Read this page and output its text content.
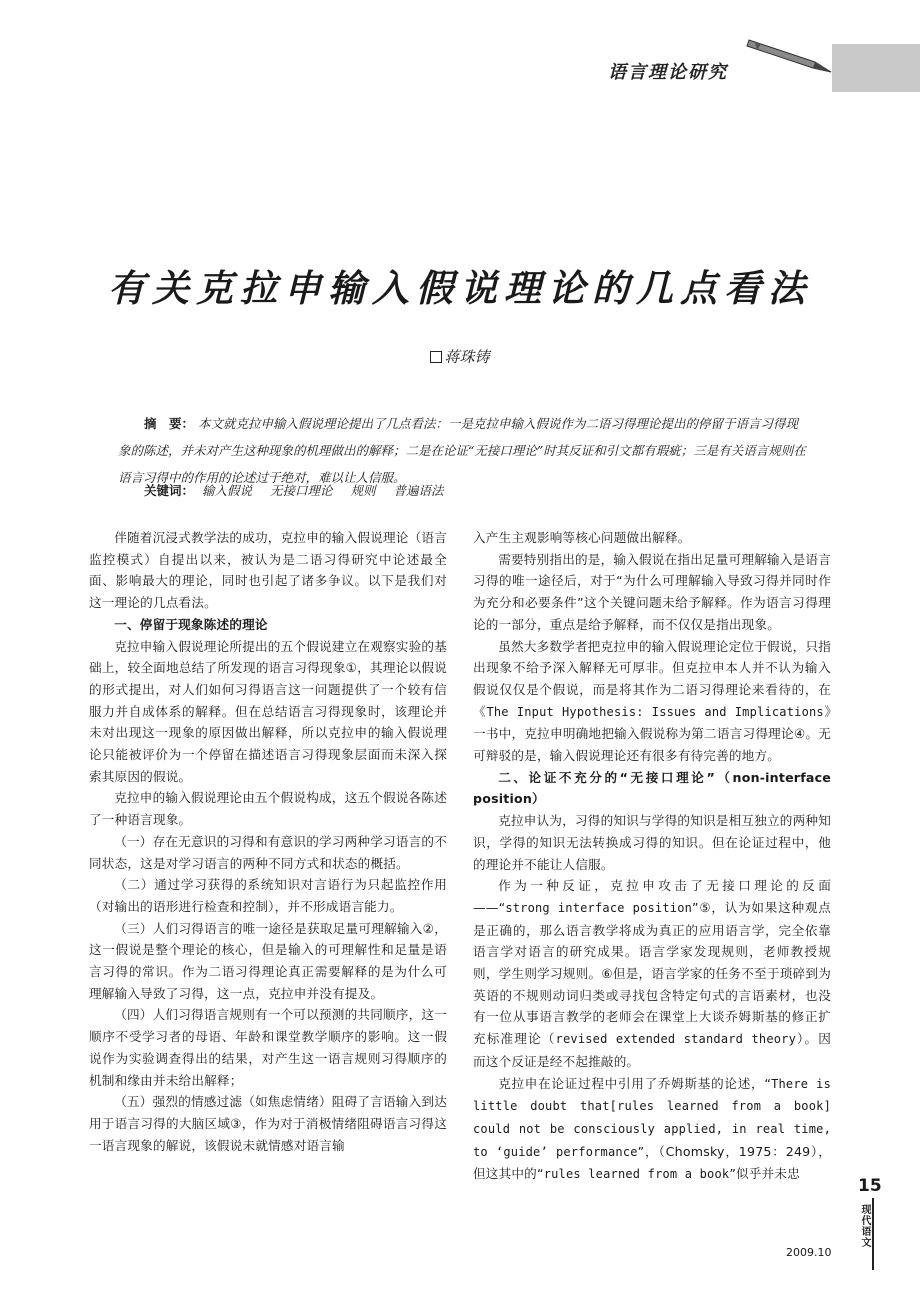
语言理论研究
有关克拉申输入假说理论的几点看法
蒋珠铸
摘　要： 本文就克拉申输入假说理论提出了几点看法：一是克拉申输入假说作为二语习得理论提出的停留于语言习得现象的陈述，并未对产生这种现象的机理做出的解释；二是在论证“无接口理论”时其反证和引文都有瑕疵；三是有关语言规则在语言习得中的作用的论述过于绝对，难以让人信服。
关键词： 输入假说 无接口理论 规则 普遍语法

伴随着沉浸式教学法的成功，克拉申的输入假说理论（语言监控模式）自提出以来，被认为是二语习得研究中论述最全面、影响最大的理论，同时也引起了诸多争议。以下是我们对这一理论的几点看法。

一、停留于现象陈述的理论

克拉申输入假说理论所提出的五个假说建立在观察实验的基础上，较全面地总结了所发现的语言习得现象①，其理论以假说的形式提出，对人们如何习得语言这一问题提供了一个较有信服力并自成体系的解释。但在总结语言习得现象时，该理论并未对出现这一现象的原因做出解释，所以克拉申的输入假说理论只能被评价为一个停留在描述语言习得现象层面而未深入探索其原因的假说。

克拉申的输入假说理论由五个假说构成，这五个假说各陈述了一种语言现象。

（一）存在无意识的习得和有意识的学习两种学习语言的不同状态，这是对学习语言的两种不同方式和状态的概括。

（二）通过学习获得的系统知识对言语行为只起监控作用（对输出的语形进行检查和控制），并不形成语言能力。

（三）人们习得语言的唯一途径是获取足量可理解输入②，这一假说是整个理论的核心，但是输入的可理解性和足量是语言习得的常识。作为二语习得理论真正需要解释的是为什么可理解输入导致了习得，这一点，克拉申并没有提及。

（四）人们习得语言规则有一个可以预测的共同顺序，这一顺序不受学习者的母语、年龄和课堂教学顺序的影响。这一假说作为实验调查得出的结果，对产生这一语言规则习得顺序的机制和缘由并未给出解释；

（五）强烈的情感过滤（如焦虑情绪）阻碍了言语输入到达用于语言习得的大脑区域③，作为对于消极情绪阻碍语言习得这一语言现象的解说，该假说未就情感对语言输

入产生主观影响等核心问题做出解释。

需要特别指出的是，输入假说在指出足量可理解输入是语言习得的唯一途径后，对于“为什么可理解输入导致习得并同时作为充分和必要条件”这个关键问题未给予解释。作为语言习得理论的一部分，重点是给予解释，而不仅仅是指出现象。

虽然大多数学者把克拉申的输入假说理论定位于假说，只指出现象不给予深入解释无可厚非。但克拉申本人并不认为输入假说仅仅是个假说，而是将其作为二语习得理论来看待的，在《The Input Hypothesis: Issues and Implications》一书中，克拉申明确地把输入假说称为第二语言习得理论④。无可辩驳的是，输入假说理论还有很多有待完善的地方。

二、论证不充分的“无接口理论”（non-interface position）

克拉申认为，习得的知识与学得的知识是相互独立的两种知识，学得的知识无法转换成习得的知识。但在论证过程中，他的理论并不能让人信服。

作为一种反证，克拉申攻击了无接口理论的反面——“strong interface position”⑤，认为如果这种观点是正确的，那么语言教学将成为真正的应用语言学，完全依靠语言学对语言的研究成果。语言学家发现规则，老师教授规则，学生则学习规则。⑥但是，语言学家的任务不至于琐碎到为英语的不规则动词归类或寻找包含特定句式的言语素材，也没有一位从事语言教学的老师会在课堂上大谈乔姆斯基的修正扩充标准理论（revised extended standard theory）。因而这个反证是经不起推敲的。

克拉申在论证过程中引用了乔姆斯基的论述，“There is little doubt that[rules learned from a book] could not be consciously applied, in real time, to ‘guide’ performance”，（Chomsky，1975：249），但这其中的“rules learned from a book”似乎并未忠

15
现代语文
2009.10
